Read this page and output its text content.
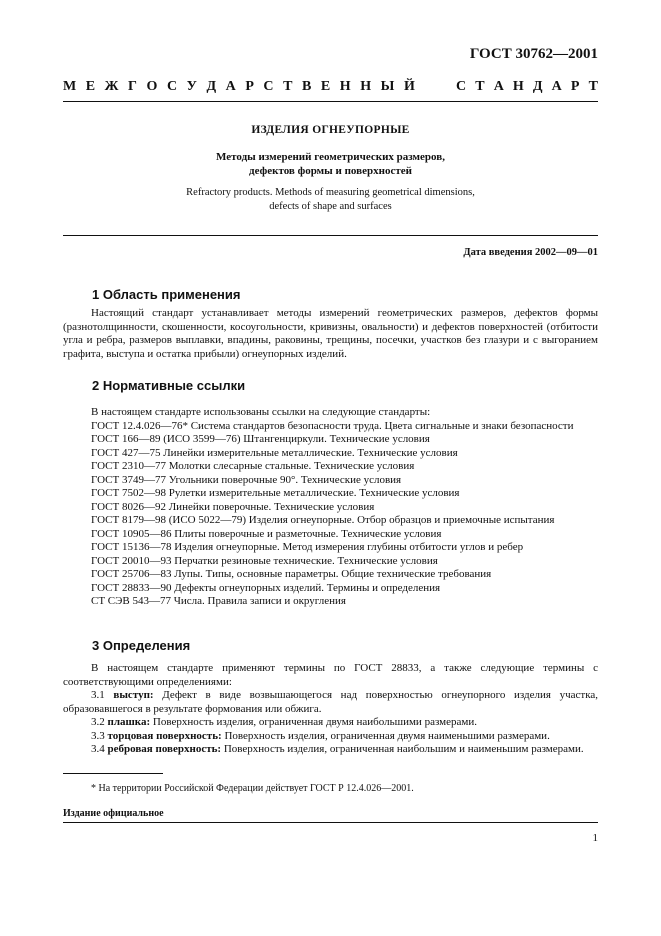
ГОСТ 30762—2001
М Е Ж Г О С У Д А Р С Т В Е Н Н Ы Й	С Т А Н Д А Р Т
ИЗДЕЛИЯ ОГНЕУПОРНЫЕ
Методы измерений геометрических размеров,
дефектов формы и поверхностей
Refractory products. Methods of measuring geometrical dimensions,
defects of shape and surfaces
Дата введения 2002—09—01
1 Область применения

Настоящий стандарт устанавливает методы измерений геометрических размеров, дефектов формы (разнотолщинности, скошенности, косоугольности, кривизны, овальности) и дефектов поверхностей (отбитости угла и ребра, размеров выплавки, впадины, раковины, трещины, посечки, участков без глазури и с выгоранием графита, выступа и остатка прибыли) огнеупорных изделий.

2 Нормативные ссылки

В настоящем стандарте использованы ссылки на следующие стандарты:

ГОСТ 12.4.026—76* Система стандартов безопасности труда. Цвета сигнальные и знаки безопасности

ГОСТ 166—89 (ИСО 3599—76) Штангенциркули. Технические условия

ГОСТ 427—75 Линейки измерительные металлические. Технические условия

ГОСТ 2310—77 Молотки слесарные стальные. Технические условия

ГОСТ 3749—77 Угольники поверочные 90°. Технические условия

ГОСТ 7502—98 Рулетки измерительные металлические. Технические условия

ГОСТ 8026—92 Линейки поверочные. Технические условия

ГОСТ 8179—98 (ИСО 5022—79) Изделия огнеупорные. Отбор образцов и приемочные испытания

ГОСТ 10905—86 Плиты поверочные и разметочные. Технические условия

ГОСТ 15136—78 Изделия огнеупорные. Метод измерения глубины отбитости углов и ребер

ГОСТ 20010—93 Перчатки резиновые технические. Технические условия

ГОСТ 25706—83 Лупы. Типы, основные параметры. Общие технические требования

ГОСТ 28833—90 Дефекты огнеупорных изделий. Термины и определения

СТ СЭВ 543—77 Числа. Правила записи и округления

3 Определения

В настоящем стандарте применяют термины по ГОСТ 28833, а также следующие термины с соответствующими определениями:

3.1 выступ: Дефект в виде возвышающегося над поверхностью огнеупорного изделия участка, образовавшегося в результате формования или обжига.

3.2 плашка: Поверхность изделия, ограниченная двумя наибольшими размерами.

3.3 торцовая поверхность: Поверхность изделия, ограниченная двумя наименьшими размерами.

3.4 ребровая поверхность: Поверхность изделия, ограниченная наибольшим и наименьшим размерами.

* На территории Российской Федерации действует ГОСТ Р 12.4.026—2001.
Издание официальное
1
